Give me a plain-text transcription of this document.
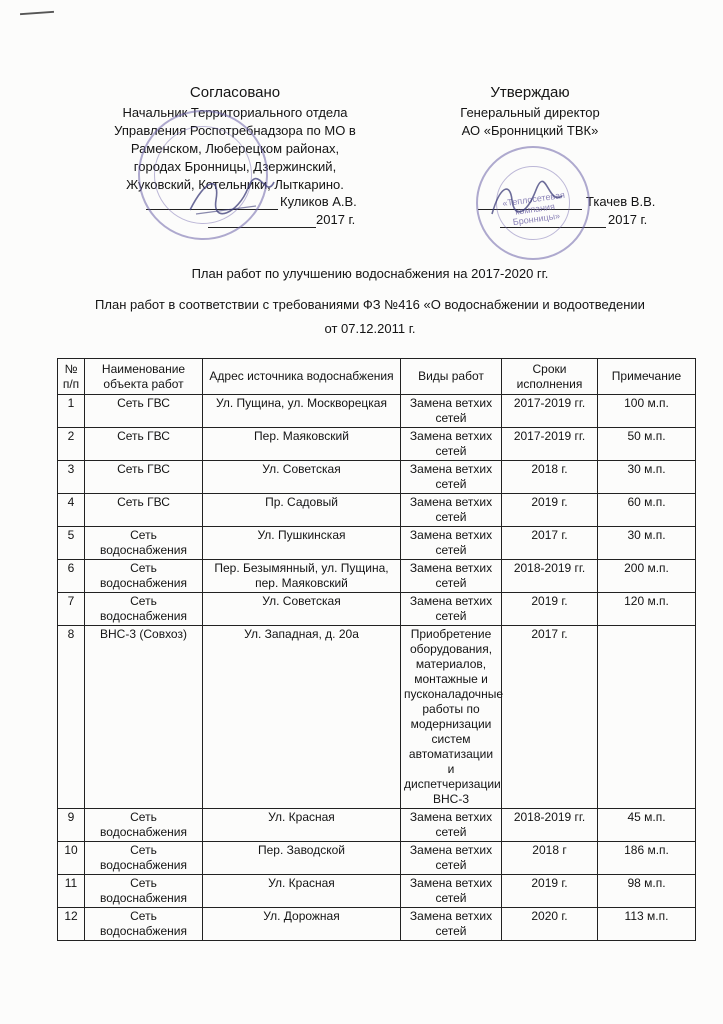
Согласовано
Начальник Территориального отдела
Управления Роспотребнадзора по МО в
Раменском, Люберецком районах,
городах Бронницы, Дзержинский,
Жуковский, Котельники, Лыткарино.
Куликов А.В.
2017 г.
Утверждаю
Генеральный директор
АО «Бронницкий ТВК»
Ткачев В.В.
2017 г.
«Теплосетевая компания Бронницы»
План работ по улучшению водоснабжения на 2017-2020 гг.
План работ в соответствии с требованиями ФЗ №416 «О водоснабжении и водоотведении
от 07.12.2011 г.
№ п/п	Наименование объекта работ	Адрес источника водоснабжения	Виды работ	Сроки исполнения	Примечание
1	Сеть ГВС	Ул. Пущина, ул. Москворецкая	Замена ветхих сетей	2017-2019 гг.	100 м.п.
2	Сеть ГВС	Пер. Маяковский	Замена ветхих сетей	2017-2019 гг.	50 м.п.
3	Сеть ГВС	Ул. Советская	Замена ветхих сетей	2018 г.	30 м.п.
4	Сеть ГВС	Пр. Садовый	Замена ветхих сетей	2019 г.	60 м.п.
5	Сеть водоснабжения	Ул. Пушкинская	Замена ветхих сетей	2017 г.	30 м.п.
6	Сеть водоснабжения	Пер. Безымянный, ул. Пущина, пер. Маяковский	Замена ветхих сетей	2018-2019 гг.	200 м.п.
7	Сеть водоснабжения	Ул. Советская	Замена ветхих сетей	2019 г.	120 м.п.
8	ВНС-3 (Совхоз)	Ул. Западная, д. 20а	Приобретение оборудования, материалов, монтажные и пусконаладочные работы по модернизации систем автоматизации и диспетчеризации ВНС-3	2017 г.	
9	Сеть водоснабжения	Ул. Красная	Замена ветхих сетей	2018-2019 гг.	45 м.п.
10	Сеть водоснабжения	Пер. Заводской	Замена ветхих сетей	2018 г	186 м.п.
11	Сеть водоснабжения	Ул. Красная	Замена ветхих сетей	2019 г.	98 м.п.
12	Сеть водоснабжения	Ул. Дорожная	Замена ветхих сетей	2020 г.	113 м.п.
